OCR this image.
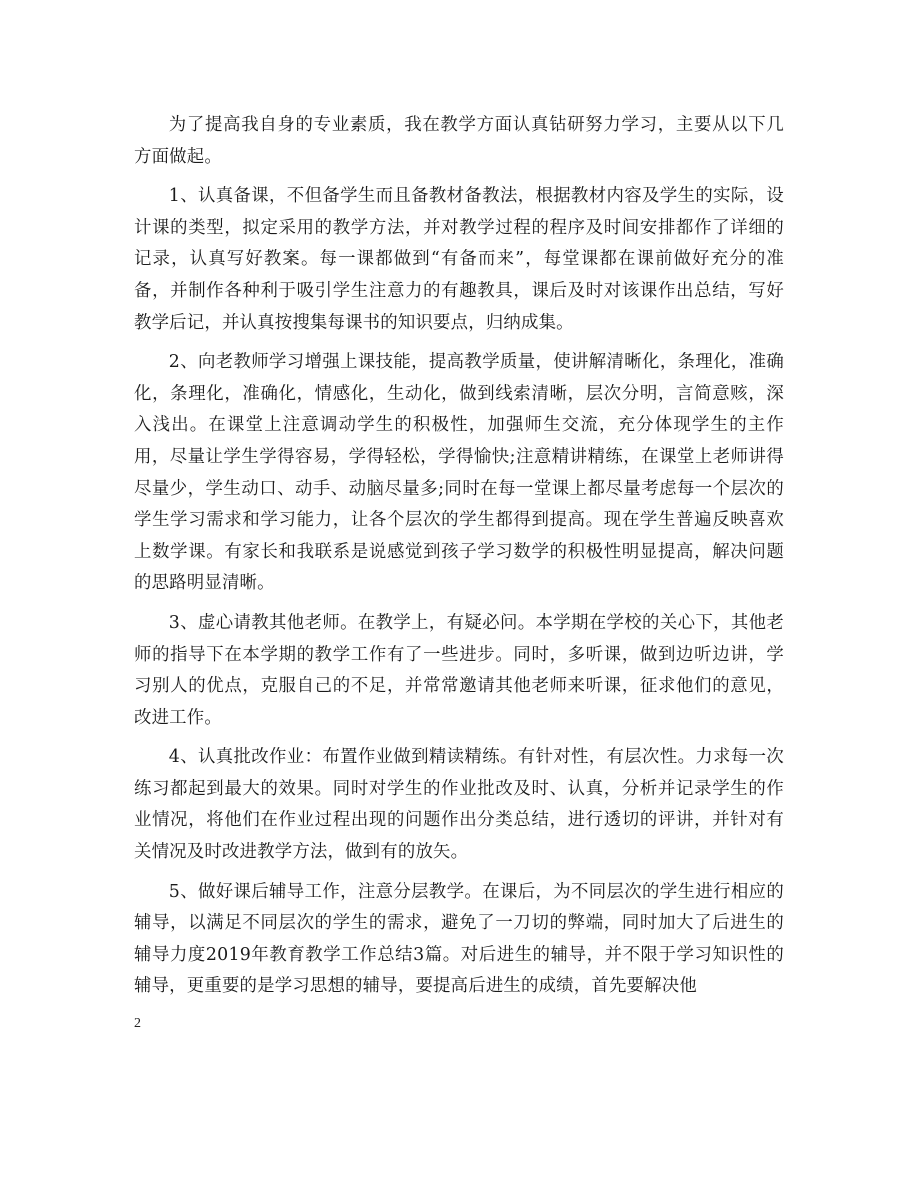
为了提高我自身的专业素质，我在教学方面认真钻研努力学习，主要从以下几方面做起。

1、认真备课，不但备学生而且备教材备教法，根据教材内容及学生的实际，设计课的类型，拟定采用的教学方法，并对教学过程的程序及时间安排都作了详细的记录，认真写好教案。每一课都做到“有备而来”，每堂课都在课前做好充分的准备，并制作各种利于吸引学生注意力的有趣教具，课后及时对该课作出总结，写好教学后记，并认真按搜集每课书的知识要点，归纳成集。

2、向老教师学习增强上课技能，提高教学质量，使讲解清晰化，条理化，准确化，条理化，准确化，情感化，生动化，做到线索清晰，层次分明，言简意赅，深入浅出。在课堂上注意调动学生的积极性，加强师生交流，充分体现学生的主作用，尽量让学生学得容易，学得轻松，学得愉快;注意精讲精练，在课堂上老师讲得尽量少，学生动口、动手、动脑尽量多;同时在每一堂课上都尽量考虑每一个层次的学生学习需求和学习能力，让各个层次的学生都得到提高。现在学生普遍反映喜欢上数学课。有家长和我联系是说感觉到孩子学习数学的积极性明显提高，解决问题的思路明显清晰。

3、虚心请教其他老师。在教学上，有疑必问。本学期在学校的关心下，其他老师的指导下在本学期的教学工作有了一些进步。同时，多听课，做到边听边讲，学习别人的优点，克服自己的不足，并常常邀请其他老师来听课，征求他们的意见，改进工作。

4、认真批改作业：布置作业做到精读精练。有针对性，有层次性。力求每一次练习都起到最大的效果。同时对学生的作业批改及时、认真，分析并记录学生的作业情况，将他们在作业过程出现的问题作出分类总结，进行透切的评讲，并针对有关情况及时改进教学方法，做到有的放矢。

5、做好课后辅导工作，注意分层教学。在课后，为不同层次的学生进行相应的辅导，以满足不同层次的学生的需求，避免了一刀切的弊端，同时加大了后进生的辅导力度2019年教育教学工作总结3篇。对后进生的辅导，并不限于学习知识性的辅导，更重要的是学习思想的辅导，要提高后进生的成绩，首先要解决他

2
